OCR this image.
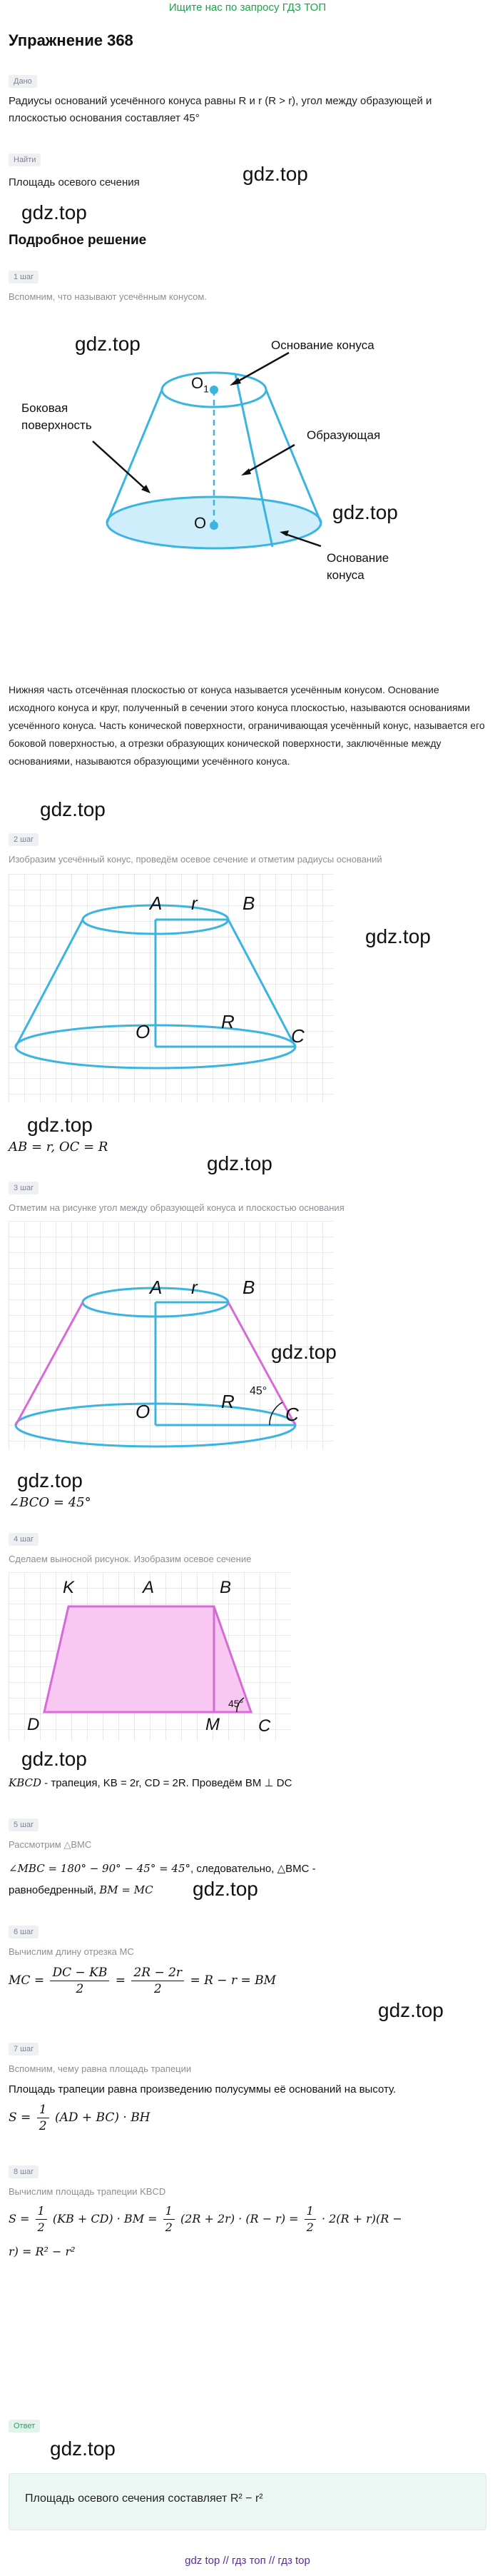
Ищите нас по запросу ГДЗ ТОП
Упражнение 368
Дано
Радиусы оснований усечённого конуса равны R и r (R > r), угол между образующей и плоскостью основания составляет 45°
Найти
Площадь осевого сечения	gdz.top
gdz.top
Подробное решение
1 шаг
Вспомним, что называют усечённым конусом.
gdz.top
$O_1$
O
Основание конуса
Боковая
поверхность
Образующая
gdz.top
Основание
конуса
Нижняя часть отсечённая плоскостью от конуса называется усечённым конусом. Основание исходного конуса и круг, полученный в сечении этого конуса плоскостью, называются основаниями усечённого конуса. Часть конической поверхности, ограничивающая усечённый конус, называется его боковой поверхностью, а отрезки образующих конической поверхности, заключённые между основаниями, называются образующими усечённого конуса.
gdz.top
2 шаг
Изобразим усечённый конус, проведём осевое сечение и отметим радиусы оснований
A r B
O	R
C
gdz.top
gdz.top
AB = r, OC = R
gdz.top
3 шаг
Отметим на рисунке угол между образующей конуса и плоскостью основания
A r B
O	R
C
45°
gdz.top
gdz.top
∠BCO = 45°
4 шаг
Сделаем выносной рисунок. Изобразим осевое сечение
K	A	B
D	M C
45°
gdz.top
KBCD - трапеция, KB = 2r, CD = 2R. Проведём BM ⊥ DC
5 шаг
Рассмотрим △BMC
∠MBC = 180° − 90° − 45° = 45°, следовательно, △BMC -
равнобедренный, BM = MC gdz.top
6 шаг
Вычислим длину отрезка MC
MC = $\frac{DC - KB}{2} = \frac{2R - 2r}{2} = R - r$ = BM
gdz.top
7 шаг
Вспомним, чему равна площадь трапеции
Площадь трапеции равна произведению полусуммы её оснований на высоту.
$S = \frac{1}{2} (AD + BC)$ · BH
8 шаг
Вычислим площадь трапеции KBCD
$S = \frac{1}{2} (KB + CD)$ · BM = $\frac{1}{2} (2R + 2r) \cdot (R - r) = \frac{1}{2} \cdot 2(R + r)(R$ −
r) = R² − r²
Ответ
gdz.top
Площадь осевого сечения составляет R² − r²
gdz top // гдз топ // гдз top
